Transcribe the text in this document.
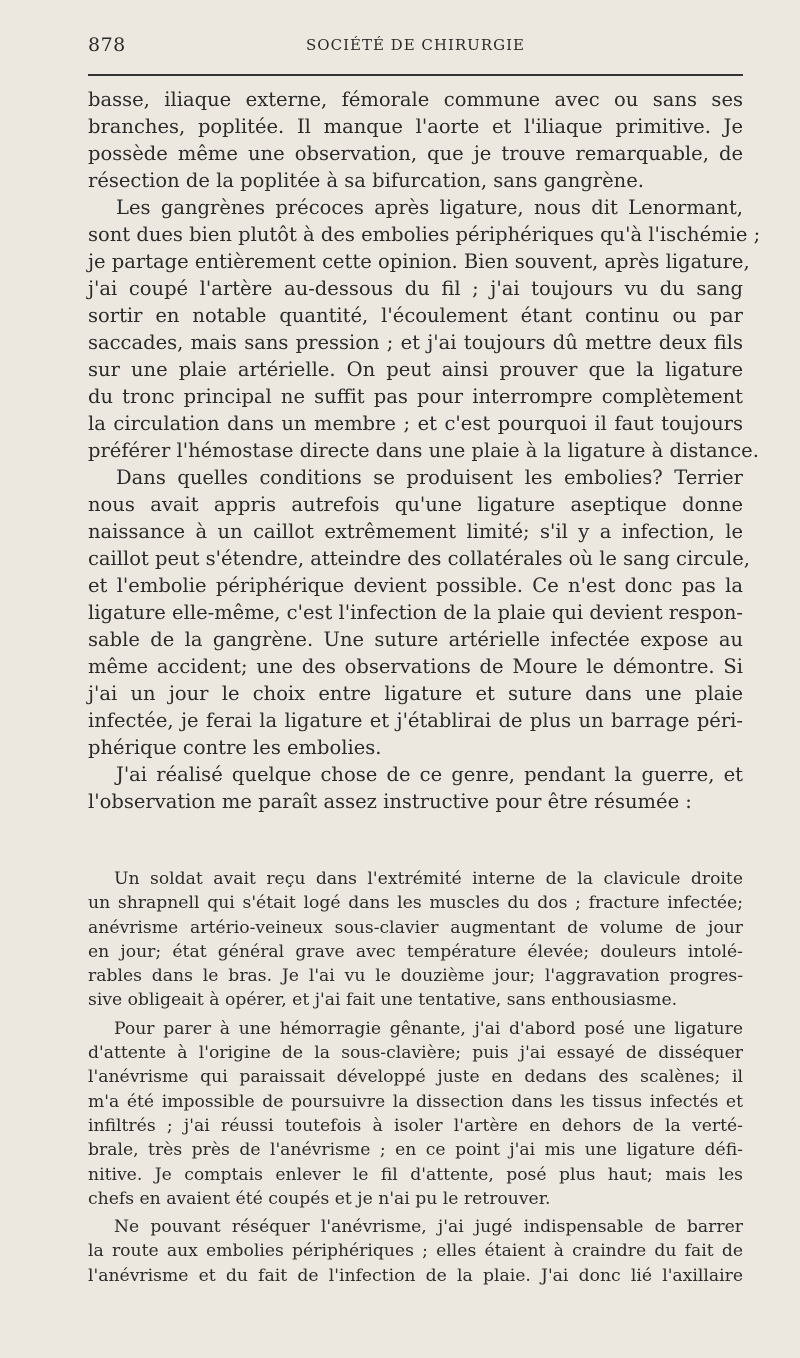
878	SOCIÉTÉ DE CHIRURGIE
basse, iliaque externe, fémorale commune avec ou sans ses
branches, poplitée. Il manque l'aorte et l'iliaque primitive. Je
possède même une observation, que je trouve remarquable, de
résection de la poplitée à sa bifurcation, sans gangrène.
Les gangrènes précoces après ligature, nous dit Lenormant,
sont dues bien plutôt à des embolies périphériques qu'à l'ischémie ;
je partage entièrement cette opinion. Bien souvent, après ligature,
j'ai coupé l'artère au-dessous du fil ; j'ai toujours vu du sang
sortir en notable quantité, l'écoulement étant continu ou par
saccades, mais sans pression ; et j'ai toujours dû mettre deux fils
sur une plaie artérielle. On peut ainsi prouver que la ligature
du tronc principal ne suffit pas pour interrompre complètement
la circulation dans un membre ; et c'est pourquoi il faut toujours
préférer l'hémostase directe dans une plaie à la ligature à distance.
Dans quelles conditions se produisent les embolies? Terrier
nous avait appris autrefois qu'une ligature aseptique donne
naissance à un caillot extrêmement limité; s'il y a infection, le
caillot peut s'étendre, atteindre des collatérales où le sang circule,
et l'embolie périphérique devient possible. Ce n'est donc pas la
ligature elle-même, c'est l'infection de la plaie qui devient respon-
sable de la gangrène. Une suture artérielle infectée expose au
même accident; une des observations de Moure le démontre. Si
j'ai un jour le choix entre ligature et suture dans une plaie
infectée, je ferai la ligature et j'établirai de plus un barrage péri-
phérique contre les embolies.
J'ai réalisé quelque chose de ce genre, pendant la guerre, et
l'observation me paraît assez instructive pour être résumée :
Un soldat avait reçu dans l'extrémité interne de la clavicule droite
un shrapnell qui s'était logé dans les muscles du dos ; fracture infectée;
anévrisme artério-veineux sous-clavier augmentant de volume de jour
en jour; état général grave avec température élevée; douleurs intolé-
rables dans le bras. Je l'ai vu le douzième jour; l'aggravation progres-
sive obligeait à opérer, et j'ai fait une tentative, sans enthousiasme.
Pour parer à une hémorragie gênante, j'ai d'abord posé une ligature
d'attente à l'origine de la sous-clavière; puis j'ai essayé de disséquer
l'anévrisme qui paraissait développé juste en dedans des scalènes; il
m'a été impossible de poursuivre la dissection dans les tissus infectés et
infiltrés ; j'ai réussi toutefois à isoler l'artère en dehors de la verté-
brale, très près de l'anévrisme ; en ce point j'ai mis une ligature défi-
nitive. Je comptais enlever le fil d'attente, posé plus haut; mais les
chefs en avaient été coupés et je n'ai pu le retrouver.
Ne pouvant réséquer l'anévrisme, j'ai jugé indispensable de barrer
la route aux embolies périphériques ; elles étaient à craindre du fait de
l'anévrisme et du fait de l'infection de la plaie. J'ai donc lié l'axillaire
